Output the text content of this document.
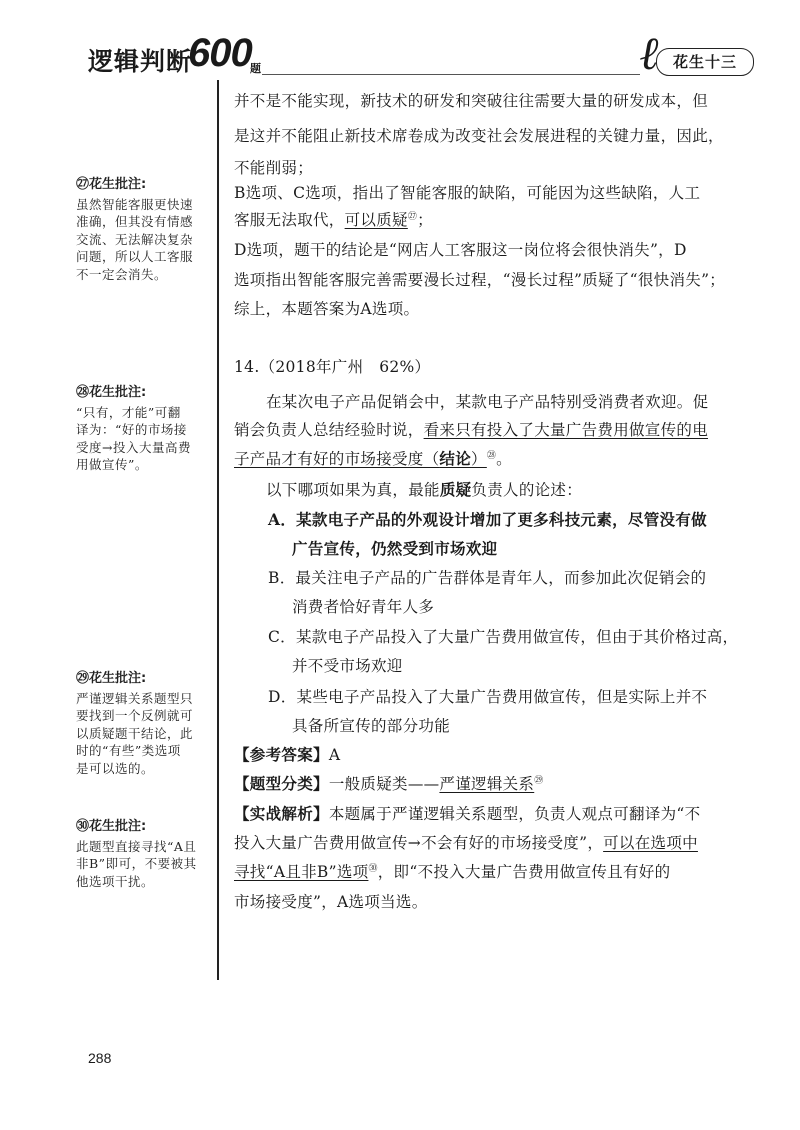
逻辑判断
600
题	ℓ 花生十三
㉗花生批注:
虽然智能客服更快速
准确，但其没有情感
交流、无法解决复杂
问题，所以人工客服
不一定会消失。
㉘花生批注:
“只有，才能”可翻
译为：“好的市场接
受度→投入大量高费
用做宣传”。
㉙花生批注:
严谨逻辑关系题型只
要找到一个反例就可
以质疑题干结论，此
时的“有些”类选项
是可以选的。
㉚花生批注:
此题型直接寻找“A且
非B”即可，不要被其
他选项干扰。
并不是不能实现，新技术的研发和突破往往需要大量的研发成本，但
是这并不能阻止新技术席卷成为改变社会发展进程的关键力量，因此，
不能削弱；
B选项、C选项，指出了智能客服的缺陷，可能因为这些缺陷，人工
客服无法取代，可以质疑$^㉗$；
D选项，题干的结论是“网店人工客服这一岗位将会很快消失”，D
选项指出智能客服完善需要漫长过程，“漫长过程”质疑了“很快消失”；
综上，本题答案为A选项。
14.（2018年广州　62%）
在某次电子产品促销会中，某款电子产品特别受消费者欢迎。促
销会负责人总结经验时说，看来只有投入了大量广告费用做宣传的电
子产品才有好的市场接受度（结论）$^㉘$。
以下哪项如果为真，最能质疑负责人的论述：
A．某款电子产品的外观设计增加了更多科技元素，尽管没有做
广告宣传，仍然受到市场欢迎
B．最关注电子产品的广告群体是青年人，而参加此次促销会的
消费者恰好青年人多
C．某款电子产品投入了大量广告费用做宣传，但由于其价格过高，
并不受市场欢迎
D．某些电子产品投入了大量广告费用做宣传，但是实际上并不
具备所宣传的部分功能
【参考答案】A
【题型分类】一般质疑类——严谨逻辑关系$^㉙$
【实战解析】本题属于严谨逻辑关系题型，负责人观点可翻译为“不
投入大量广告费用做宣传→不会有好的市场接受度”，可以在选项中
寻找“A且非B”选项$^㉚$，即“不投入大量广告费用做宣传且有好的
市场接受度”，A选项当选。
288
